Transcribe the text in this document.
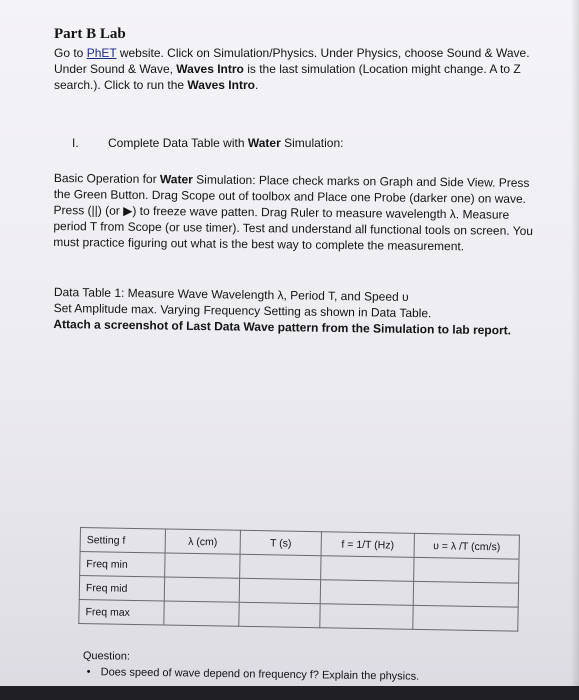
Part B Lab
Go to PhET website. Click on Simulation/Physics. Under Physics, choose Sound & Wave. Under Sound & Wave, Waves Intro is the last simulation (Location might change. A to Z search.). Click to run the Waves Intro.
I. Complete Data Table with Water Simulation:
Basic Operation for Water Simulation: Place check marks on Graph and Side View. Press the Green Button. Drag Scope out of toolbox and Place one Probe (darker one) on wave. Press (||) (or ▶) to freeze wave patten. Drag Ruler to measure wavelength λ. Measure period T from Scope (or use timer). Test and understand all functional tools on screen. You must practice figuring out what is the best way to complete the measurement.
Data Table 1: Measure Wave Wavelength λ, Period T, and Speed υ
Set Amplitude max. Varying Frequency Setting as shown in Data Table.
Attach a screenshot of Last Data Wave pattern from the Simulation to lab report.
Setting f	λ (cm)	T (s)	f = 1/T (Hz)	υ = λ /T (cm/s)
Freq min				
Freq mid				
Freq max				
Question:
• Does speed of wave depend on frequency f? Explain the physics.
